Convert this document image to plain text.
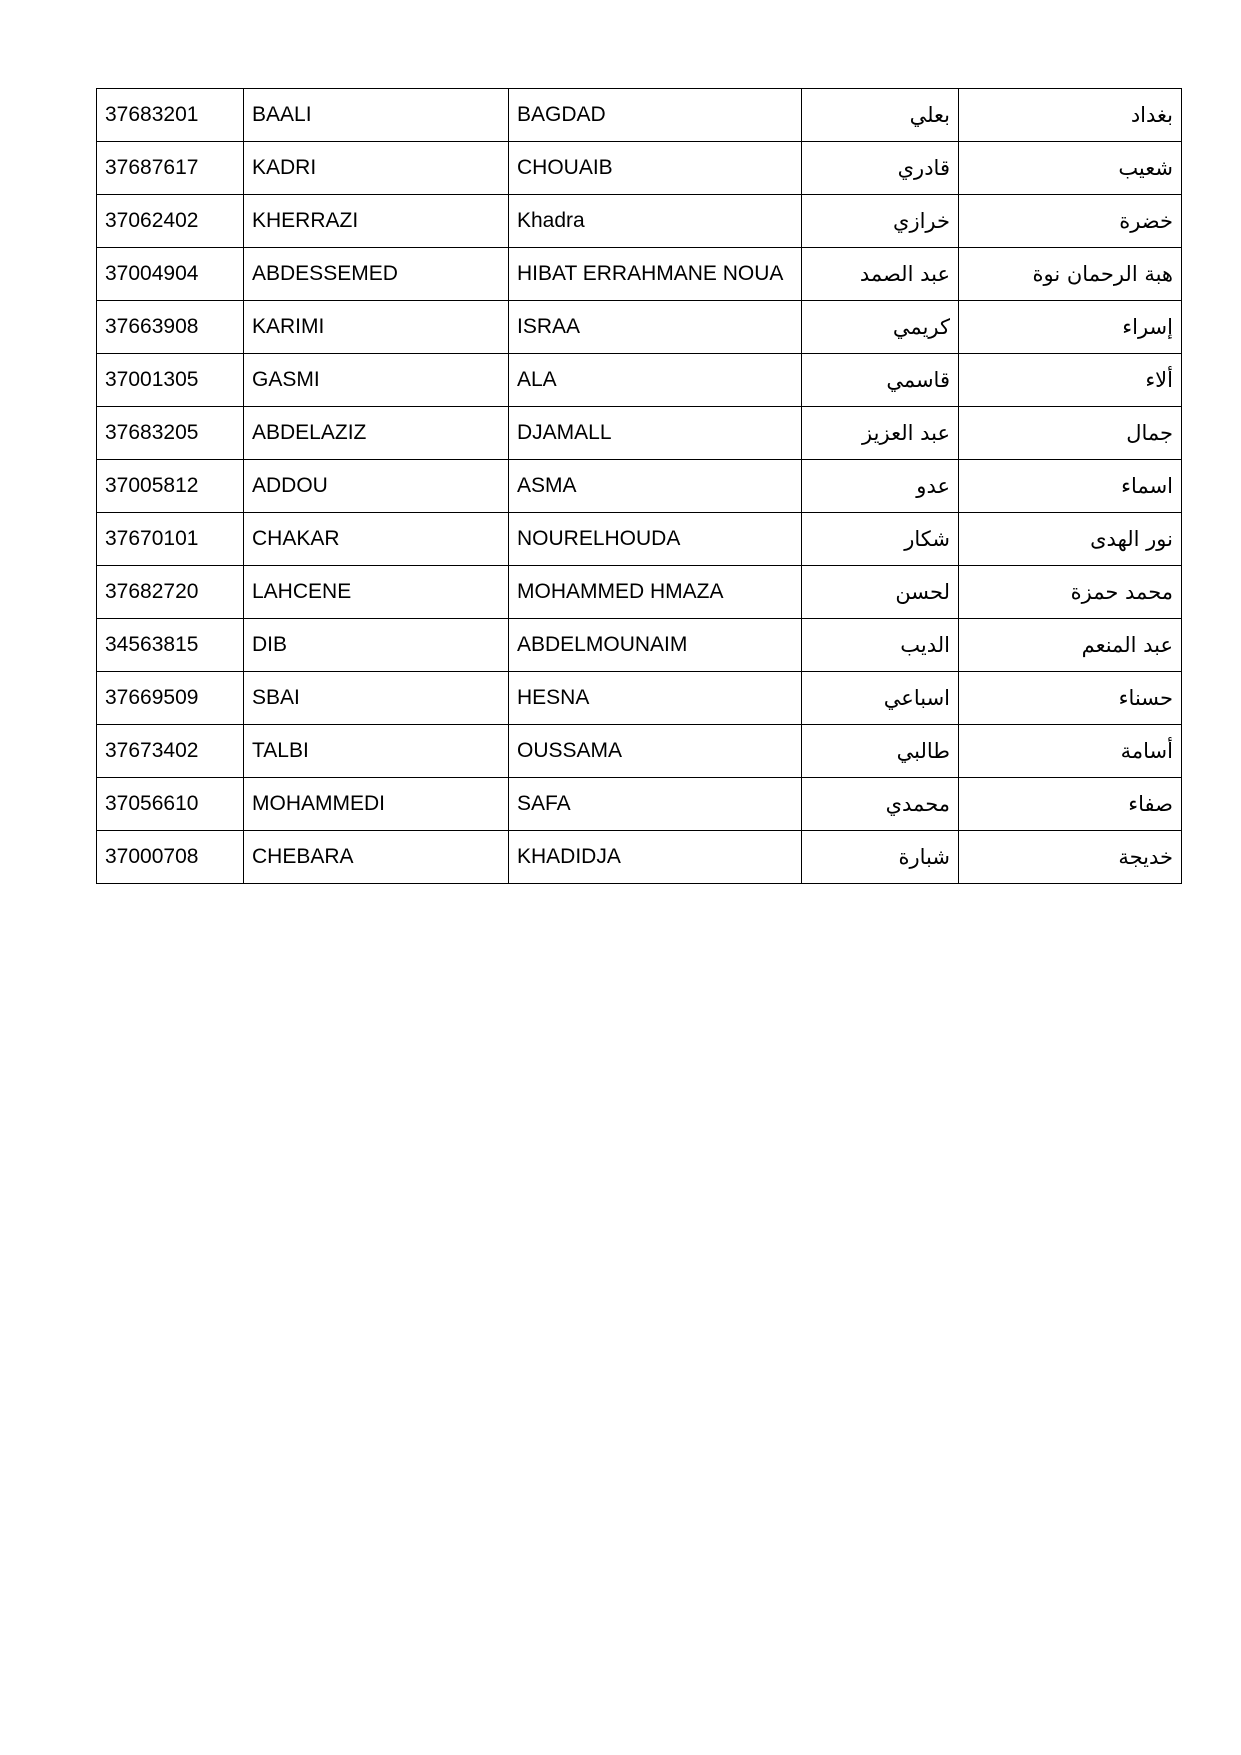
37683201	BAALI	BAGDAD	بعلي	بغداد
37687617	KADRI	CHOUAIB	قادري	شعيب
37062402	KHERRAZI	Khadra	خرازي	خضرة
37004904	ABDESSEMED	HIBAT ERRAHMANE NOUA	عبد الصمد	هبة الرحمان نوة
37663908	KARIMI	ISRAA	كريمي	إسراء
37001305	GASMI	ALA	قاسمي	ألاء
37683205	ABDELAZIZ	DJAMALL	عبد العزيز	جمال
37005812	ADDOU	ASMA	عدو	اسماء
37670101	CHAKAR	NOURELHOUDA	شكار	نور الهدى
37682720	LAHCENE	MOHAMMED HMAZA	لحسن	محمد حمزة
34563815	DIB	ABDELMOUNAIM	الديب	عبد المنعم
37669509	SBAI	HESNA	اسباعي	حسناء
37673402	TALBI	OUSSAMA	طالبي	أسامة
37056610	MOHAMMEDI	SAFA	محمدي	صفاء
37000708	CHEBARA	KHADIDJA	شبارة	خديجة
